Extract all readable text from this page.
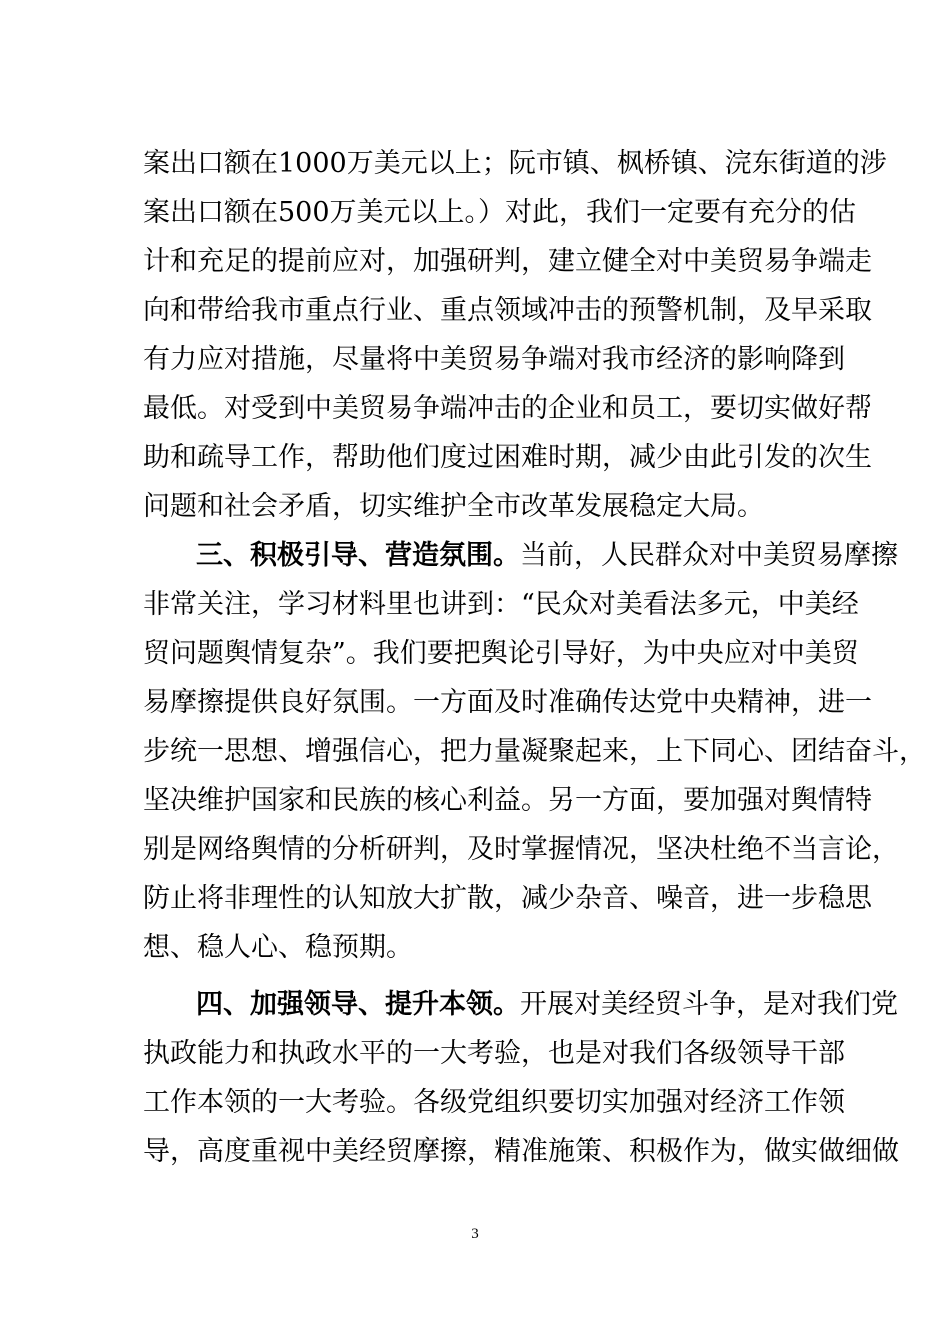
案出口额在1000万美元以上；阮市镇、枫桥镇、浣东街道的涉
案出口额在500万美元以上。）对此，我们一定要有充分的估
计和充足的提前应对，加强研判，建立健全对中美贸易争端走
向和带给我市重点行业、重点领域冲击的预警机制，及早采取
有力应对措施，尽量将中美贸易争端对我市经济的影响降到
最低。对受到中美贸易争端冲击的企业和员工，要切实做好帮
助和疏导工作，帮助他们度过困难时期，减少由此引发的次生
问题和社会矛盾，切实维护全市改革发展稳定大局。
三、积极引导、营造氛围。当前，人民群众对中美贸易摩擦
非常关注，学习材料里也讲到：“民众对美看法多元，中美经
贸问题舆情复杂”。我们要把舆论引导好，为中央应对中美贸
易摩擦提供良好氛围。一方面及时准确传达党中央精神，进一
步统一思想、增强信心，把力量凝聚起来，上下同心、团结奋斗，
坚决维护国家和民族的核心利益。另一方面，要加强对舆情特
别是网络舆情的分析研判，及时掌握情况，坚决杜绝不当言论，
防止将非理性的认知放大扩散，减少杂音、噪音，进一步稳思
想、稳人心、稳预期。
四、加强领导、提升本领。开展对美经贸斗争，是对我们党
执政能力和执政水平的一大考验，也是对我们各级领导干部
工作本领的一大考验。各级党组织要切实加强对经济工作领
导，高度重视中美经贸摩擦，精准施策、积极作为，做实做细做
3
